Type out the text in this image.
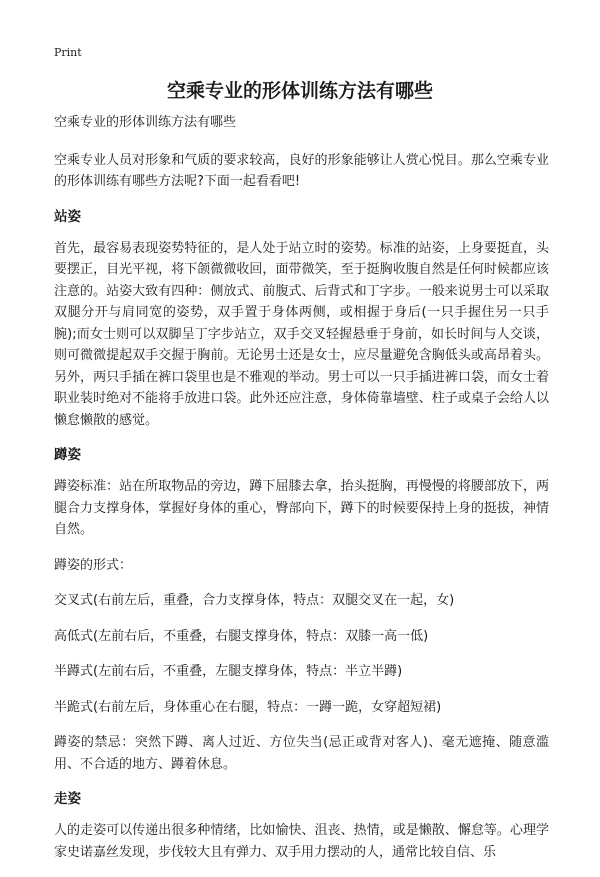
Print
空乘专业的形体训练方法有哪些

空乘专业的形体训练方法有哪些

空乘专业人员对形象和气质的要求较高，良好的形象能够让人赏心悦目。那么空乘专业的形体训练有哪些方法呢?下面一起看看吧!

站姿

首先，最容易表现姿势特征的，是人处于站立时的姿势。标准的站姿，上身要挺直，头要摆正，目光平视，将下颌微微收回，面带微笑，至于挺胸收腹自然是任何时候都应该注意的。站姿大致有四种：侧放式、前腹式、后背式和丁字步。一般来说男士可以采取双腿分开与肩同宽的姿势，双手置于身体两侧，或相握于身后(一只手握住另一只手腕);而女士则可以双脚呈丁字步站立，双手交叉轻握悬垂于身前，如长时间与人交谈，则可微微提起双手交握于胸前。无论男士还是女士，应尽量避免含胸低头或高昂着头。另外，两只手插在裤口袋里也是不雅观的举动。男士可以一只手插进裤口袋，而女士着职业装时绝对不能将手放进口袋。此外还应注意，身体倚靠墙壁、柱子或桌子会给人以懒怠懒散的感觉。

蹲姿

蹲姿标准：站在所取物品的旁边，蹲下屈膝去拿，抬头挺胸，再慢慢的将腰部放下，两腿合力支撑身体，掌握好身体的重心，臀部向下，蹲下的时候要保持上身的挺拔，神情自然。

蹲姿的形式：

交叉式(右前左后，重叠，合力支撑身体，特点：双腿交叉在一起，女)

高低式(左前右后，不重叠，右腿支撑身体，特点：双膝一高一低)

半蹲式(左前右后，不重叠，左腿支撑身体，特点：半立半蹲)

半跪式(右前左后，身体重心在右腿，特点：一蹲一跪，女穿超短裙)

蹲姿的禁忌：突然下蹲、离人过近、方位失当(忌正或背对客人)、毫无遮掩、随意滥用、不合适的地方、蹲着休息。

走姿

人的走姿可以传递出很多种情绪，比如愉快、沮丧、热情，或是懒散、懈怠等。心理学家史诺嘉丝发现，步伐较大且有弹力、双手用力摆动的人，通常比较自信、乐
